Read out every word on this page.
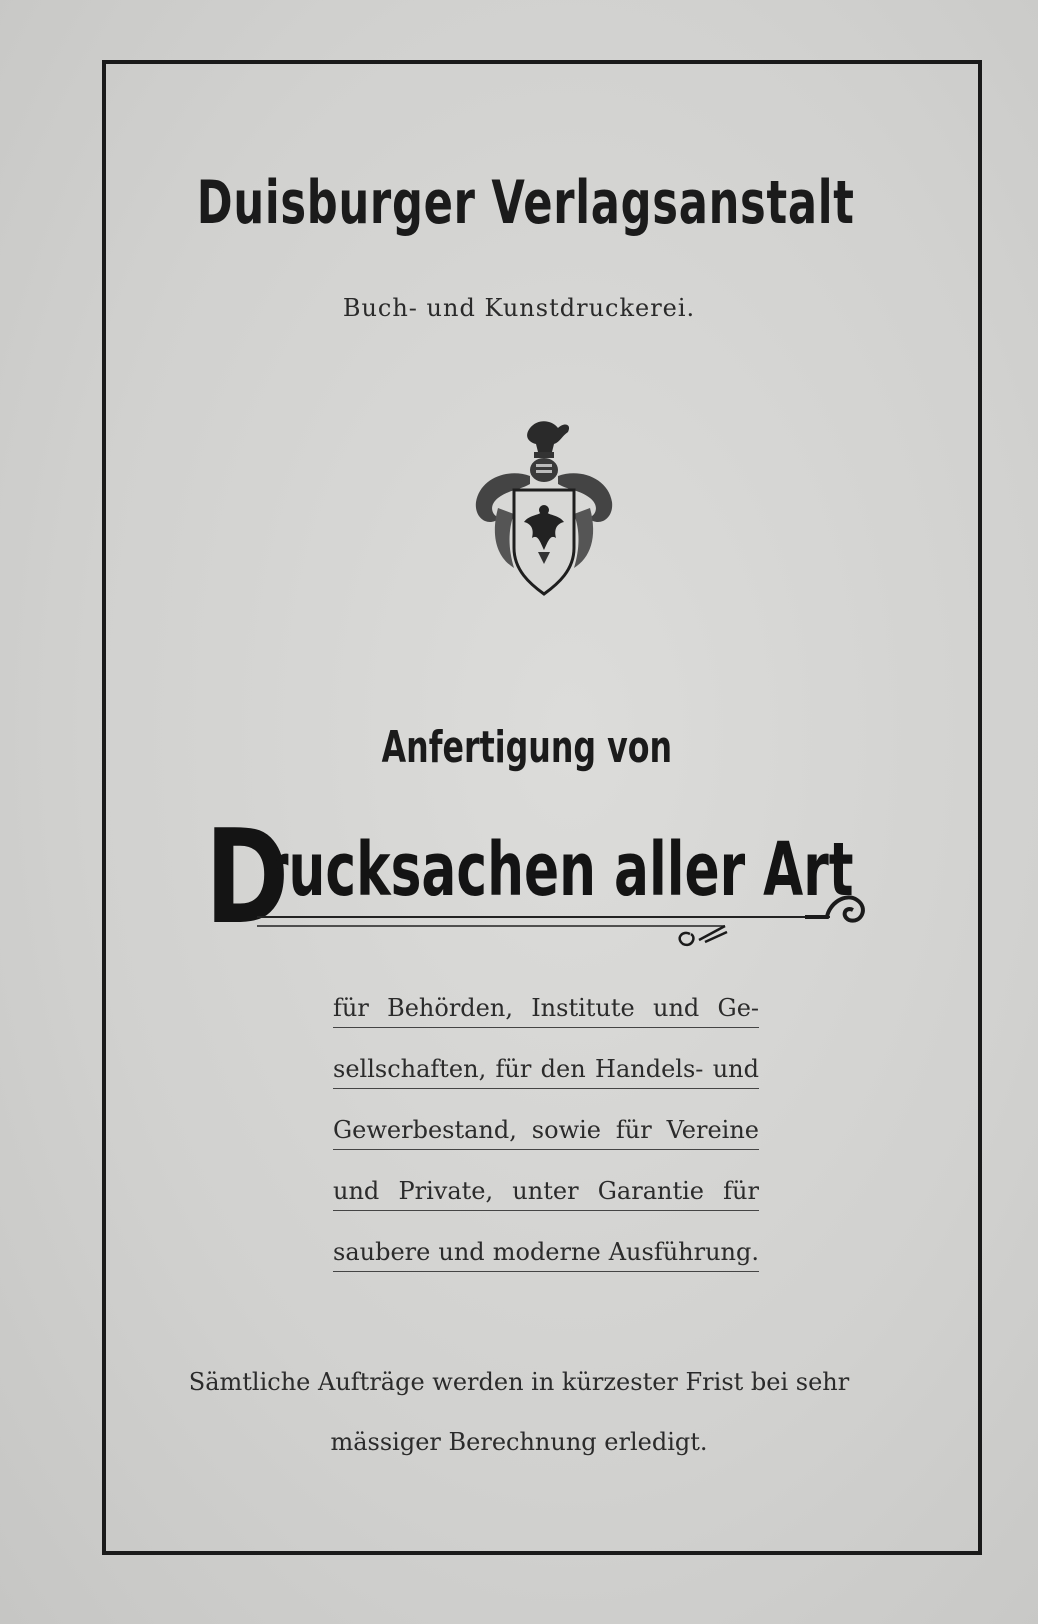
Duisburger Verlagsanstalt
Buch- und Kunstdruckerei.
Anfertigung von
D
rucksachen aller Art
für Behörden, Institute und Ge-
sellschaften, für den Handels- und
Gewerbestand, sowie für Vereine
und Private, unter Garantie für
saubere und moderne Ausführung.
Sämtliche Aufträge werden in kürzester Frist bei sehr
mässiger Berechnung erledigt.
